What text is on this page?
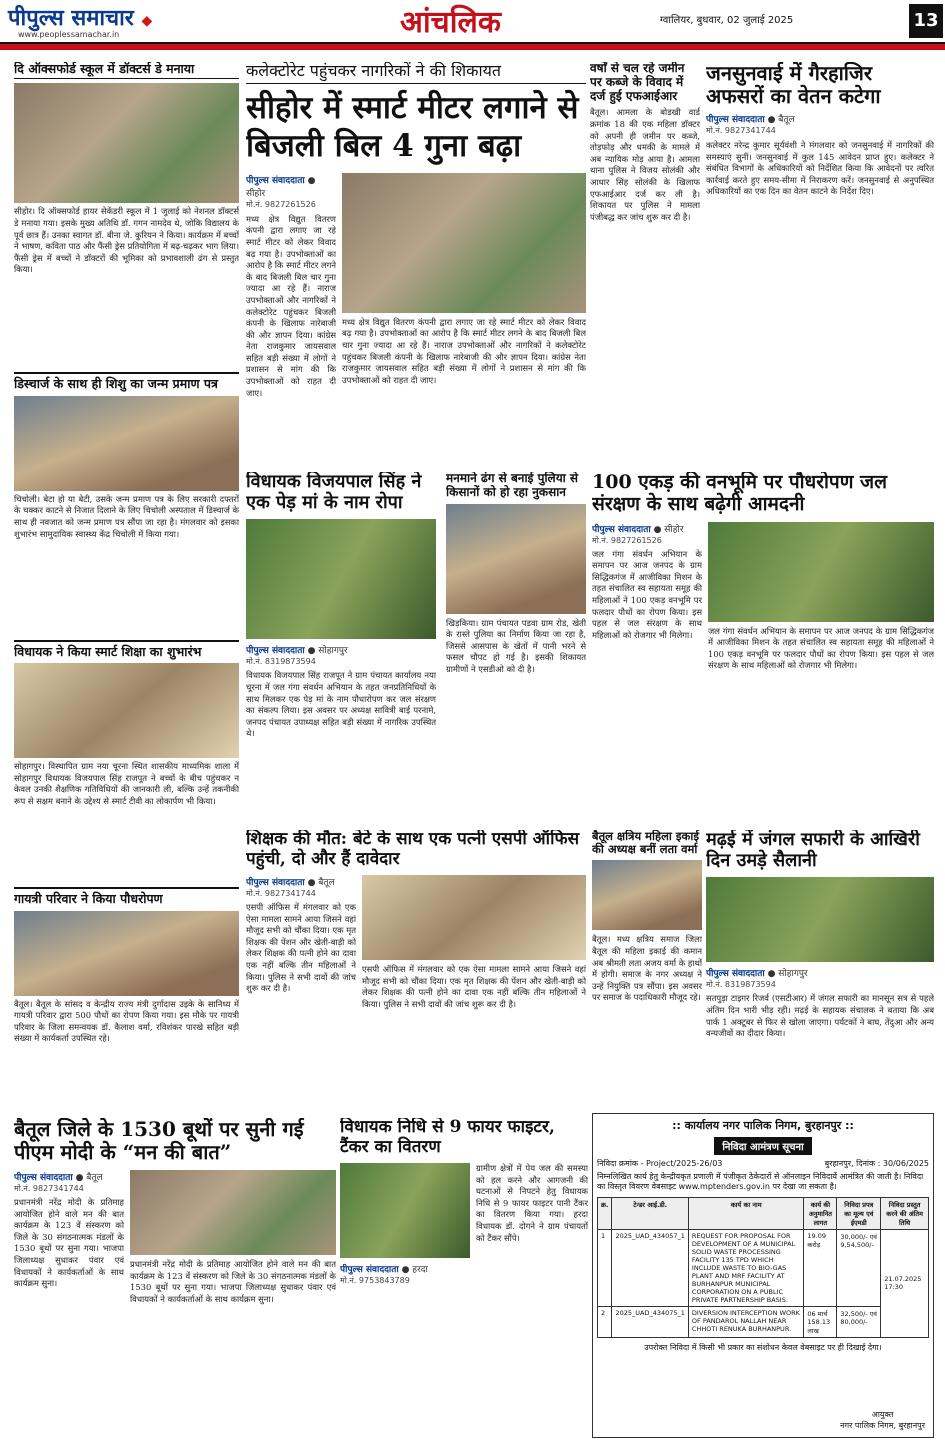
पीपुल्स समाचार ◆
www.peoplessamachar.in	आंचलिक	ग्वालियर, बुधवार, 02 जुलाई 2025	13
दि ऑक्सफोर्ड स्कूल में डॉक्टर्स डे मनाया
सीहोर। दि ऑक्सफोर्ड हायर सेकेंडरी स्कूल में 1 जुलाई को नेशनल डॉक्टर्स डे मनाया गया। इसके मुख्य अतिथि डॉ. गगन नामदेव थे, जोकि विद्यालय के पूर्व छात्र हैं। उनका स्वागत डॉ. बीना जे. कुरियन ने किया। कार्यक्रम में बच्चों ने भाषण, कविता पाठ और फैंसी ड्रेस प्रतियोगिता में बढ़-चढ़कर भाग लिया। फैंसी ड्रेस में बच्चों ने डॉक्टरों की भूमिका को प्रभावशाली ढंग से प्रस्तुत किया।
डिस्चार्ज के साथ ही शिशु का जन्म प्रमाण पत्र
चिचोली। बेटा हो या बेटी, उसके जन्म प्रमाण पत्र के लिए सरकारी दफ्तरों के चक्कर काटने से निजात दिलाने के लिए चिचोली अस्पताल में डिस्चार्ज के साथ ही नवजात को जन्म प्रमाण पत्र सौंपा जा रहा है। मंगलवार को इसका शुभारंभ सामुदायिक स्वास्थ्य केंद्र चिचोली में किया गया।
विधायक ने किया स्मार्ट शिक्षा का शुभारंभ
सोहागपुर। विस्थापित ग्राम नया चूरना स्थित शासकीय माध्यमिक शाला में सोहागपुर विधायक विजयपाल सिंह राजपूत ने बच्चों के बीच पहुंचकर न केवल उनकी शैक्षणिक गतिविधियों की जानकारी ली, बल्कि उन्हें तकनीकी रूप से सक्षम बनाने के उद्देश्य से स्मार्ट टीवी का लोकार्पण भी किया।
गायत्री परिवार ने किया पौधरोपण
बैतूल। बैतूल के सांसद व केन्द्रीय राज्य मंत्री दुर्गादास उइके के सानिध्य में गायत्री परिवार द्वारा 500 पौधों का रोपण किया गया। इस मौके पर गायत्री परिवार के जिला समन्वयक डॉ. कैलाश वर्मा, रविशंकर पारखे सहित बड़ी संख्या में कार्यकर्ता उपस्थित रहे।
कलेक्टोरेट पहुंचकर नागरिकों ने की शिकायत
सीहोर में स्मार्ट मीटर लगाने से बिजली बिल 4 गुना बढ़ा
पीपुल्स संवाददाता ● सीहोर
मो.नं. 9827261526
मध्य क्षेत्र विद्युत वितरण कंपनी द्वारा लगाए जा रहे स्मार्ट मीटर को लेकर विवाद बढ़ गया है। उपभोक्ताओं का आरोप है कि स्मार्ट मीटर लगने के बाद बिजली बिल चार गुना ज्यादा आ रहे हैं। नाराज उपभोक्ताओं और नागरिकों ने कलेक्टोरेट पहुंचकर बिजली कंपनी के खिलाफ नारेबाजी की और ज्ञापन दिया। कांग्रेस नेता राजकुमार जायसवाल सहित बड़ी संख्या में लोगों ने प्रशासन से मांग की कि उपभोक्ताओं को राहत दी जाए।
मध्य क्षेत्र विद्युत वितरण कंपनी द्वारा लगाए जा रहे स्मार्ट मीटर को लेकर विवाद बढ़ गया है। उपभोक्ताओं का आरोप है कि स्मार्ट मीटर लगने के बाद बिजली बिल चार गुना ज्यादा आ रहे हैं। नाराज उपभोक्ताओं और नागरिकों ने कलेक्टोरेट पहुंचकर बिजली कंपनी के खिलाफ नारेबाजी की और ज्ञापन दिया। कांग्रेस नेता राजकुमार जायसवाल सहित बड़ी संख्या में लोगों ने प्रशासन से मांग की कि उपभोक्ताओं को राहत दी जाए।
वर्षों से चल रहे जमीन पर कब्जे के विवाद में दर्ज हुई एफआईआर
बैतूल। आमला के बोडखी वार्ड क्रमांक 18 की एक महिला डॉक्टर को अपनी ही जमीन पर कब्जे, तोड़फोड़ और धमकी के मामले में अब न्यायिक मोड़ आया है। आमला थाना पुलिस ने विजय सोलंकी और आधार सिंह सोलंकी के खिलाफ एफआईआर दर्ज कर ली है। शिकायत पर पुलिस ने मामला पंजीबद्ध कर जांच शुरू कर दी है।
जनसुनवाई में गैरहाजिर अफसरों का वेतन कटेगा
पीपुल्स संवाददाता ● बैतूल
मो.नं. 9827341744
कलेक्टर नरेन्द्र कुमार सूर्यवंशी ने मंगलवार को जनसुनवाई में नागरिकों की समस्याएं सुनीं। जनसुनवाई में कुल 145 आवेदन प्राप्त हुए। कलेक्टर ने संबंधित विभागों के अधिकारियों को निर्देशित किया कि आवेदनों पर त्वरित कार्रवाई करते हुए समय-सीमा में निराकरण करें। जनसुनवाई से अनुपस्थित अधिकारियों का एक दिन का वेतन काटने के निर्देश दिए।
विधायक विजयपाल सिंह ने एक पेड़ मां के नाम रोपा
पीपुल्स संवाददाता ● सोहागपुर
मो.नं. 8319873594
विधायक विजयपाल सिंह राजपूत ने ग्राम पंचायत कार्यालय नया चूरना में जल गंगा संवर्धन अभियान के तहत जनप्रतिनिधियों के साथ मिलकर एक पेड़ मां के नाम पौधारोपण कर जल संरक्षण का संकल्प लिया। इस अवसर पर अध्यक्ष सावित्री बाई परनामे, जनपद पंचायत उपाध्यक्ष सहित बड़ी संख्या में नागरिक उपस्थित थे।
मनमाने ढंग से बनाई पुलिया से किसानों को हो रहा नुकसान
खिड़किया। ग्राम पंचायत पडवा ग्राम रोड, खेती के रास्ते पुलिया का निर्माण किया जा रहा है, जिससे आसपास के खेतों में पानी भरने से फसल चौपट हो गई है। इसकी शिकायत ग्रामीणों ने एसडीओ को दी है।
100 एकड़ की वनभूमि पर पौधरोपण जल संरक्षण के साथ बढ़ेगी आमदनी
पीपुल्स संवाददाता ● सीहोर
मो.नं. 9827261526
जल गंगा संवर्धन अभियान के समापन पर आज जनपद के ग्राम सिद्धिकगंज में आजीविका मिशन के तहत संचालित स्व सहायता समूह की महिलाओं ने 100 एकड़ वनभूमि पर फलदार पौधों का रोपण किया। इस पहल से जल संरक्षण के साथ महिलाओं को रोजगार भी मिलेगा।	जल गंगा संवर्धन अभियान के समापन पर आज जनपद के ग्राम सिद्धिकगंज में आजीविका मिशन के तहत संचालित स्व सहायता समूह की महिलाओं ने 100 एकड़ वनभूमि पर फलदार पौधों का रोपण किया। इस पहल से जल संरक्षण के साथ महिलाओं को रोजगार भी मिलेगा।
शिक्षक की मौत: बेटे के साथ एक पत्नी एसपी ऑफिस पहुंची, दो और हैं दावेदार
पीपुल्स संवाददाता ● बैतूल
मो.नं. 9827341744
एसपी ऑफिस में मंगलवार को एक ऐसा मामला सामने आया जिसने वहां मौजूद सभी को चौंका दिया। एक मृत शिक्षक की पेंशन और खेती-बाड़ी को लेकर शिक्षक की पत्नी होने का दावा एक नहीं बल्कि तीन महिलाओं ने किया। पुलिस ने सभी दावों की जांच शुरू कर दी है।
एसपी ऑफिस में मंगलवार को एक ऐसा मामला सामने आया जिसने वहां मौजूद सभी को चौंका दिया। एक मृत शिक्षक की पेंशन और खेती-बाड़ी को लेकर शिक्षक की पत्नी होने का दावा एक नहीं बल्कि तीन महिलाओं ने किया। पुलिस ने सभी दावों की जांच शुरू कर दी है।
बैतूल क्षत्रिय महिला इकाई की अध्यक्ष बनीं लता वर्मा
बैतूल। मध्य क्षत्रिय समाज जिला बैतूल की महिला इकाई की कमान अब श्रीमती लता अजय वर्मा के हाथों में होगी। समाज के नगर अध्यक्ष ने उन्हें नियुक्ति पत्र सौंपा। इस अवसर पर समाज के पदाधिकारी मौजूद रहे।
मढ़ई में जंगल सफारी के आखिरी दिन उमड़े सैलानी
पीपुल्स संवाददाता ● सोहागपुर
मो.नं. 8319873594
सतपुड़ा टाइगर रिजर्व (एसटीआर) में जंगल सफारी का मानसून सत्र से पहले अंतिम दिन भारी भीड़ रही। मढ़ई के सहायक संचालक ने बताया कि अब पार्क 1 अक्टूबर से फिर से खोला जाएगा। पर्यटकों ने बाघ, तेंदुआ और अन्य वन्यजीवों का दीदार किया।
बैतूल जिले के 1530 बूथों पर सुनी गई पीएम मोदी के “मन की बात”
पीपुल्स संवाददाता ● बैतूल
मो.नं. 9827341744
प्रधानमंत्री नरेंद्र मोदी के प्रतिमाह आयोजित होने वाले मन की बात कार्यक्रम के 123 वें संस्करण को जिले के 30 संगठनात्मक मंडलों के 1530 बूथों पर सुना गया। भाजपा जिलाध्यक्ष सुधाकर पंवार एवं विधायकों ने कार्यकर्ताओं के साथ कार्यक्रम सुना।
प्रधानमंत्री नरेंद्र मोदी के प्रतिमाह आयोजित होने वाले मन की बात कार्यक्रम के 123 वें संस्करण को जिले के 30 संगठनात्मक मंडलों के 1530 बूथों पर सुना गया। भाजपा जिलाध्यक्ष सुधाकर पंवार एवं विधायकों ने कार्यकर्ताओं के साथ कार्यक्रम सुना।
विधायक निधि से 9 फायर फाइटर, टैंकर का वितरण
पीपुल्स संवाददाता ● हरदा
मो.नं. 9753843789
ग्रामीण क्षेत्रों में पेय जल की समस्या को हल करने और आगजनी की घटनाओं से निपटने हेतु विधायक निधि से 9 फायर फाइटर पानी टैंकर का वितरण किया गया। हरदा विधायक डॉ. दोगने ने ग्राम पंचायतों को टैंकर सौंपे।
:: कार्यालय नगर पालिक निगम, बुरहानपुर ::
निविदा आमंत्रण सूचना
निविदा क्रमांक - Project/2025-26/03	बुरहानपुर, दिनांक : 30/06/2025
निम्नलिखित कार्य हेतु केन्द्रीयकृत प्रणाली में पंजीकृत ठेकेदारों से ऑनलाइन निविदायें आमंत्रित की जाती है। निविदा का विस्तृत विवरण वेबसाइट www.mptenders.gov.in पर देखा जा सकता है।
क्र.	टेन्डर आई.डी.	कार्य का नाम	कार्य की अनुमानित लागत	निविदा प्रपत्र का मूल्य एवं ईएमडी	निविदा प्रस्तुत करने की अंतिम तिथि
1	2025_UAD_434057_1	REQUEST FOR PROPOSAL FOR DEVELOPMENT OF A MUNICIPAL SOLID WASTE PROCESSING FACILITY 135 TPD WHICH INCLUDE WASTE TO BIO-GAS PLANT AND MRF FACILITY AT BURHANPUR MUNICIPAL CORPORATION ON A PUBLIC PRIVATE PARTNERSHIP BASIS.	19.09 करोड़	30,000/- एवं 9,54,500/-	21.07.2025 17:30
2	2025_UAD_434075_1	DIVERSION INTERCEPTION WORK OF PANDAROL NALLAH NEAR CHHOTI RENUKA BURHANPUR.	06 मार्च 158.13 लाख	32,500/- एवं 80,000/-	
उपरोक्त निविदा में किसी भी प्रकार का संशोधन केवल वेबसाइट पर ही दिखाई देगा।
आयुक्त
नगर पालिक निगम, बुरहानपुर
